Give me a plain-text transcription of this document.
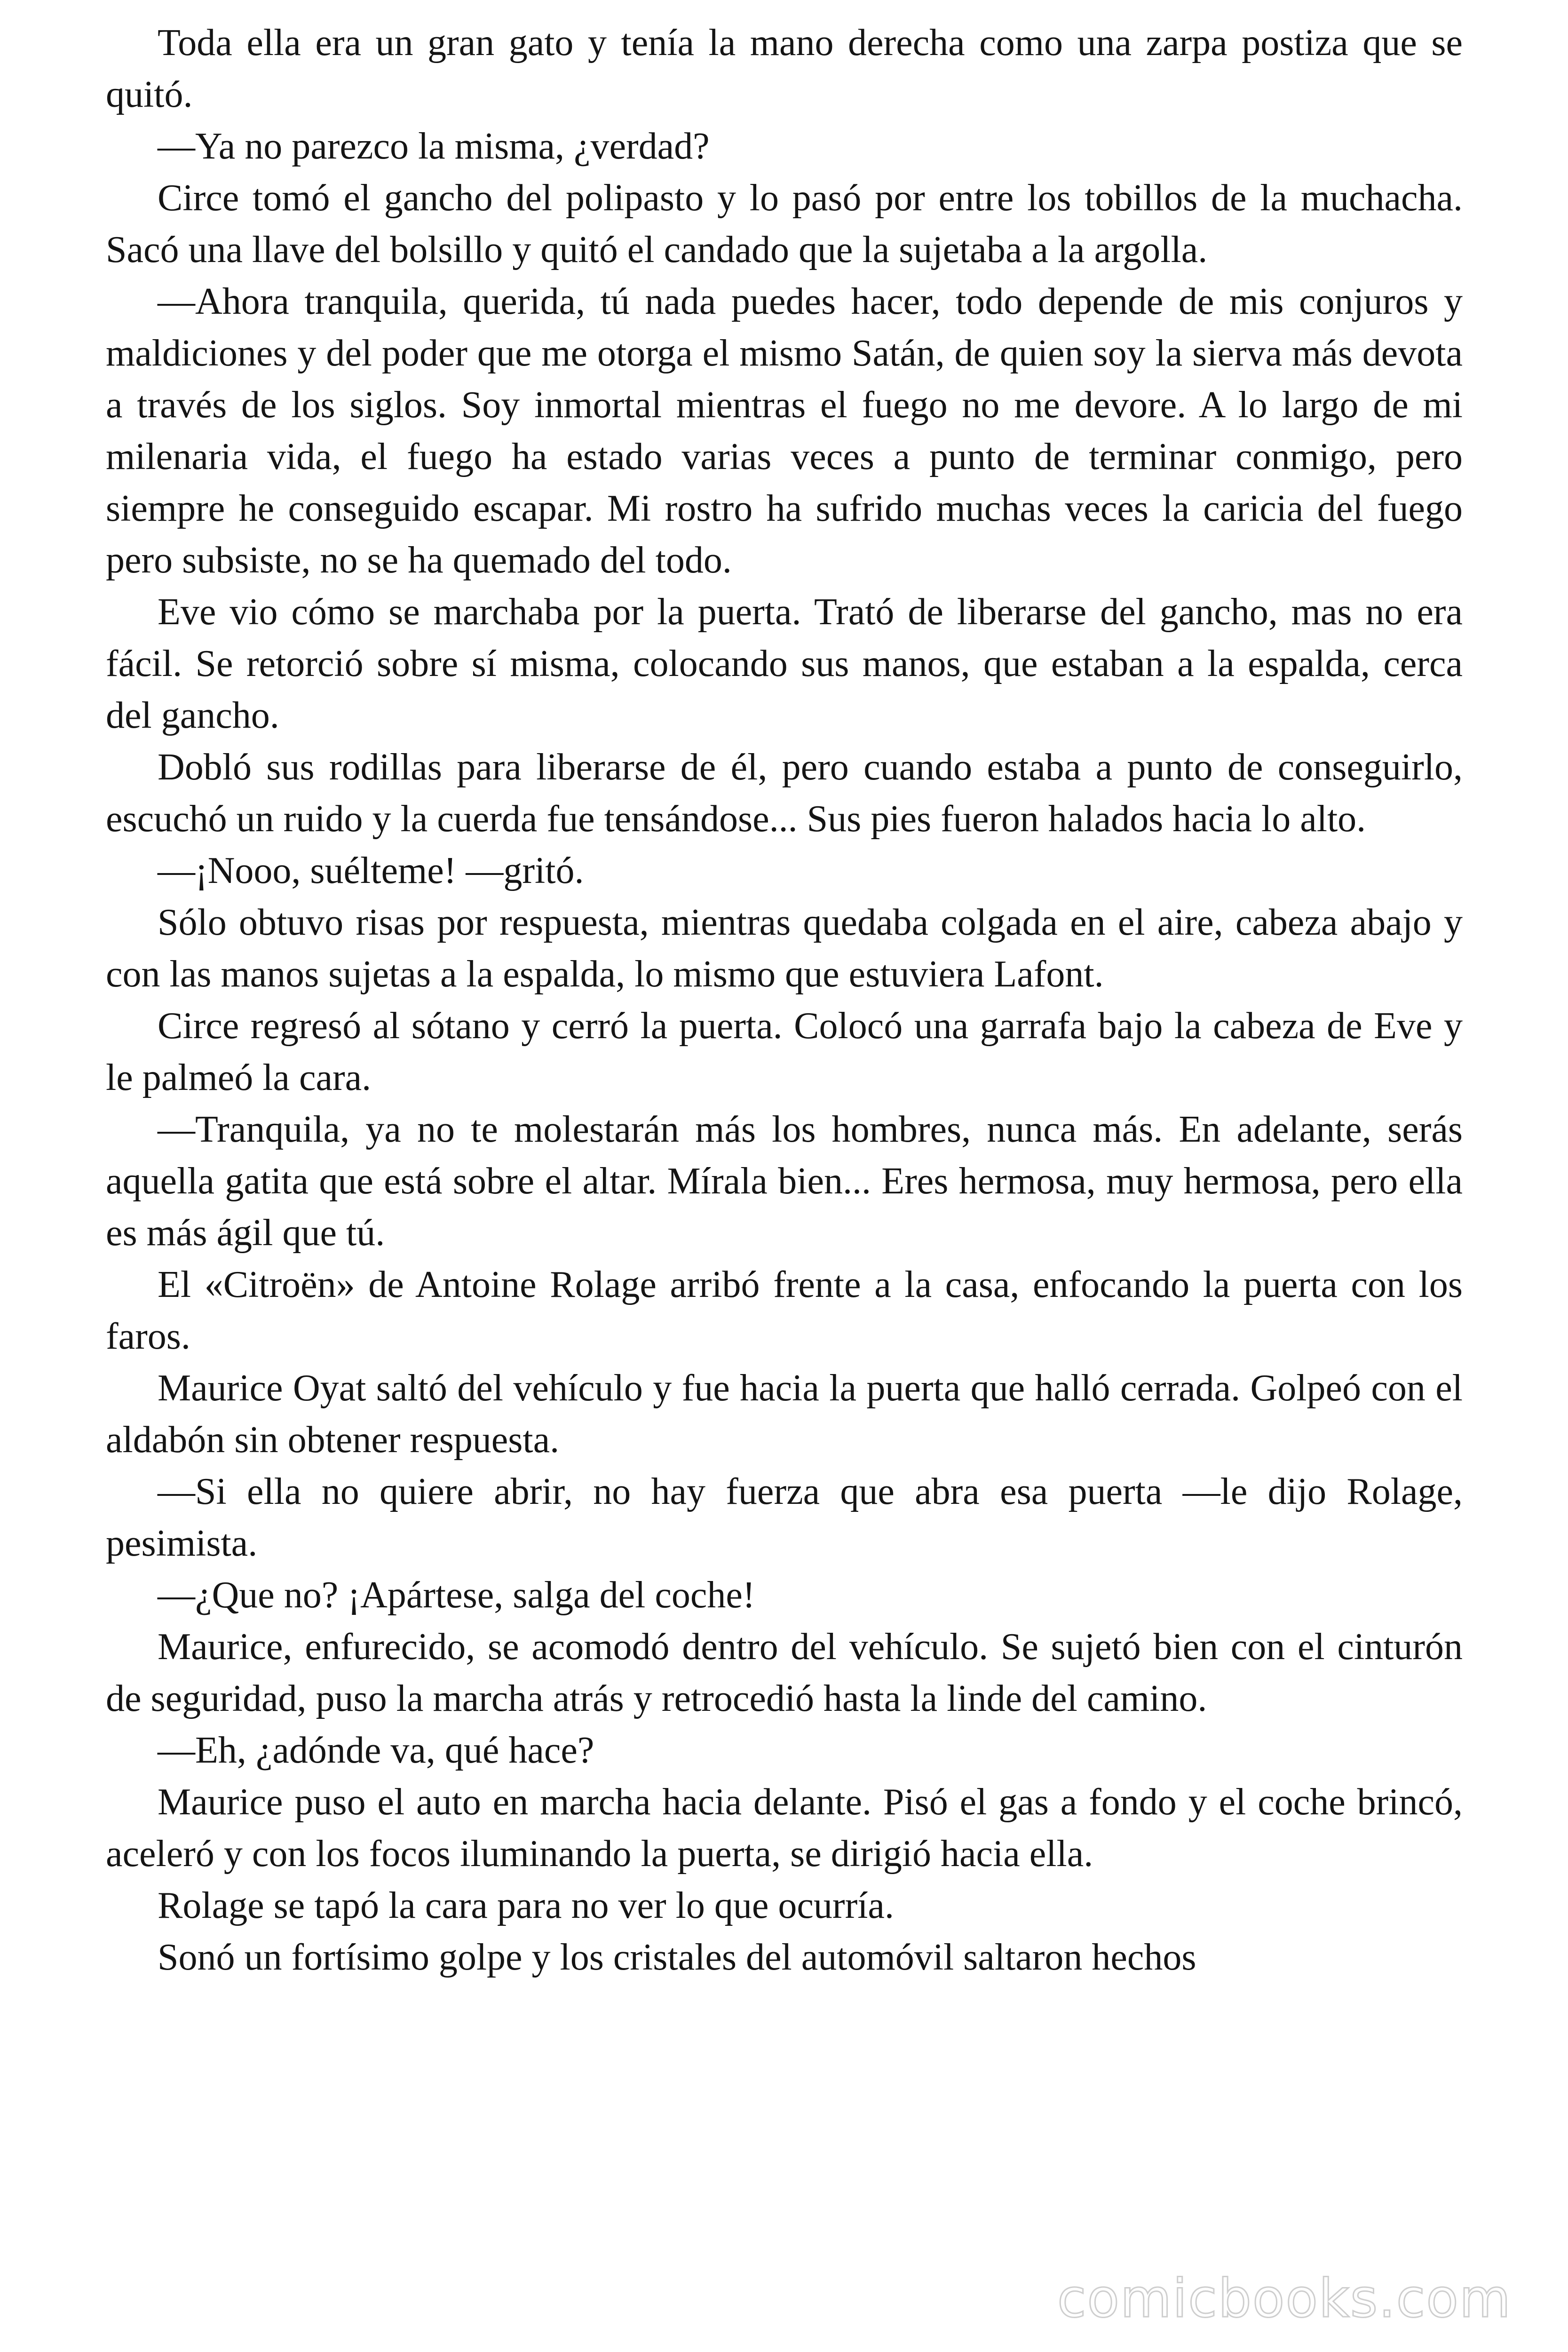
Toda ella era un gran gato y tenía la mano derecha como una zarpa postiza que se quitó.

—Ya no parezco la misma, ¿verdad?

Circe tomó el gancho del polipasto y lo pasó por entre los tobillos de la muchacha. Sacó una llave del bolsillo y quitó el candado que la sujetaba a la argolla.

—Ahora tranquila, querida, tú nada puedes hacer, todo depende de mis conjuros y maldiciones y del poder que me otorga el mismo Satán, de quien soy la sierva más devota a través de los siglos. Soy inmortal mientras el fuego no me devore. A lo largo de mi milenaria vida, el fuego ha estado varias veces a punto de terminar conmigo, pero siempre he conseguido escapar. Mi rostro ha sufrido muchas veces la caricia del fuego pero subsiste, no se ha quemado del todo.

Eve vio cómo se marchaba por la puerta. Trató de liberarse del gancho, mas no era fácil. Se retorció sobre sí misma, colocando sus manos, que estaban a la espalda, cerca del gancho.

Dobló sus rodillas para liberarse de él, pero cuando estaba a punto de conseguirlo, escuchó un ruido y la cuerda fue tensándose... Sus pies fueron halados hacia lo alto.

—¡Nooo, suélteme! —gritó.

Sólo obtuvo risas por respuesta, mientras quedaba colgada en el aire, cabeza abajo y con las manos sujetas a la espalda, lo mismo que estuviera Lafont.

Circe regresó al sótano y cerró la puerta. Colocó una garrafa bajo la cabeza de Eve y le palmeó la cara.

—Tranquila, ya no te molestarán más los hombres, nunca más. En adelante, serás aquella gatita que está sobre el altar. Mírala bien... Eres hermosa, muy hermosa, pero ella es más ágil que tú.

El «Citroën» de Antoine Rolage arribó frente a la casa, enfocando la puerta con los faros.

Maurice Oyat saltó del vehículo y fue hacia la puerta que halló cerrada. Golpeó con el aldabón sin obtener respuesta.

—Si ella no quiere abrir, no hay fuerza que abra esa puerta —le dijo Rolage, pesimista.

—¿Que no? ¡Apártese, salga del coche!

Maurice, enfurecido, se acomodó dentro del vehículo. Se sujetó bien con el cinturón de seguridad, puso la marcha atrás y retrocedió hasta la linde del camino.

—Eh, ¿adónde va, qué hace?

Maurice puso el auto en marcha hacia delante. Pisó el gas a fondo y el coche brincó, aceleró y con los focos iluminando la puerta, se dirigió hacia ella.

Rolage se tapó la cara para no ver lo que ocurría.

Sonó un fortísimo golpe y los cristales del automóvil saltaron hechos

comicbooks.com
